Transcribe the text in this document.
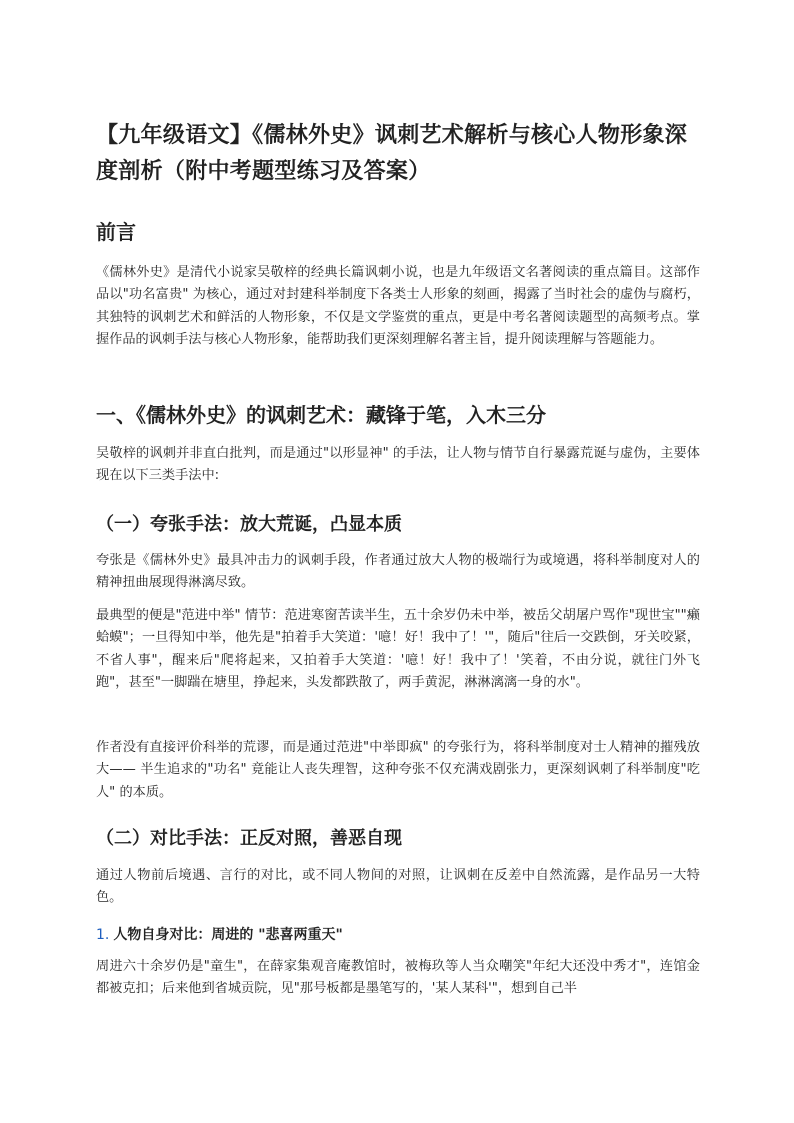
【九年级语文】《儒林外史》讽刺艺术解析与核心人物形象深度剖析（附中考题型练习及答案）
前言

《儒林外史》是清代小说家吴敬梓的经典长篇讽刺小说，也是九年级语文名著阅读的重点篇目。这部作品以"功名富贵" 为核心，通过对封建科举制度下各类士人形象的刻画，揭露了当时社会的虚伪与腐朽，其独特的讽刺艺术和鲜活的人物形象，不仅是文学鉴赏的重点，更是中考名著阅读题型的高频考点。掌握作品的讽刺手法与核心人物形象，能帮助我们更深刻理解名著主旨，提升阅读理解与答题能力。

一、《儒林外史》的讽刺艺术：藏锋于笔，入木三分

吴敬梓的讽刺并非直白批判，而是通过"以形显神" 的手法，让人物与情节自行暴露荒诞与虚伪，主要体现在以下三类手法中:

（一）夸张手法：放大荒诞，凸显本质

夸张是《儒林外史》最具冲击力的讽刺手段，作者通过放大人物的极端行为或境遇，将科举制度对人的精神扭曲展现得淋漓尽致。

最典型的便是"范进中举" 情节：范进寒窗苦读半生，五十余岁仍未中举，被岳父胡屠户骂作"现世宝""癞蛤蟆"；一旦得知中举，他先是"拍着手大笑道：'噫！好！我中了！'"，随后"往后一交跌倒，牙关咬紧，不省人事"，醒来后"爬将起来，又拍着手大笑道：'噫！好！我中了！'笑着，不由分说，就往门外飞跑"，甚至"一脚踹在塘里，挣起来，头发都跌散了，两手黄泥，淋淋漓漓一身的水"。

作者没有直接评价科举的荒谬，而是通过范进"中举即疯" 的夸张行为，将科举制度对士人精神的摧残放大—— 半生追求的"功名" 竟能让人丧失理智，这种夸张不仅充满戏剧张力，更深刻讽刺了科举制度"吃人" 的本质。

（二）对比手法：正反对照，善恶自现

通过人物前后境遇、言行的对比，或不同人物间的对照，让讽刺在反差中自然流露，是作品另一大特色。

1. 人物自身对比：周进的 "悲喜两重天"

周进六十余岁仍是"童生"，在薛家集观音庵教馆时，被梅玖等人当众嘲笑"年纪大还没中秀才"，连馆金都被克扣；后来他到省城贡院，见"那号板都是墨笔写的，'某人某科'"，想到自己半
